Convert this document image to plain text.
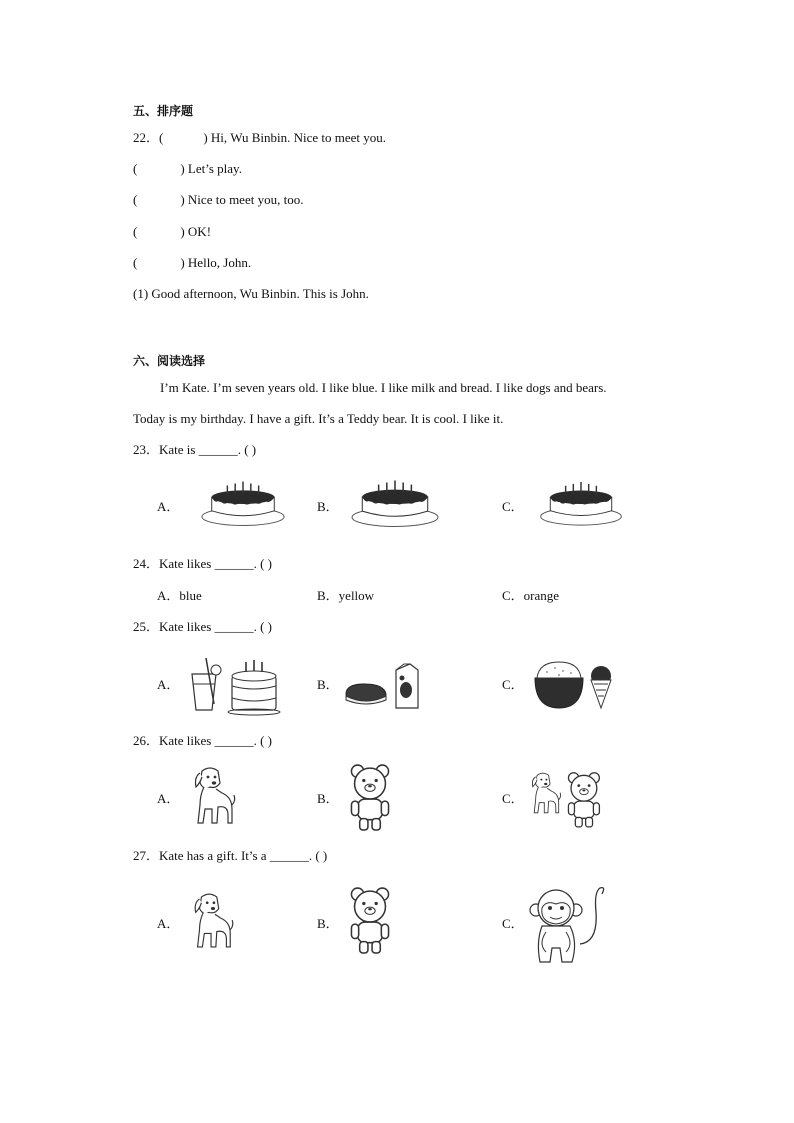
五、排序题
22．(	) Hi, Wu Binbin. Nice to meet you.
(	) Let’s play.
(	) Nice to meet you, too.
(	) OK!
(	) Hello, John.
(1) Good afternoon, Wu Binbin. This is John.
六、阅读选择
I’m Kate. I’m seven years old. I like blue. I like milk and bread. I like dogs and bears.
Today is my birthday. I have a gift. It’s a Teddy bear. It is cool. I like it.
23．Kate is ______. ( )
A．	B．	C．
24．Kate likes ______. ( )
A．blue	B．yellow	C．orange
25．Kate likes ______. ( )
A．	B．	C．
26．Kate likes ______. ( )
A．	B．	C．
27．Kate has a gift. It’s a ______. ( )
A．	B．	C．
